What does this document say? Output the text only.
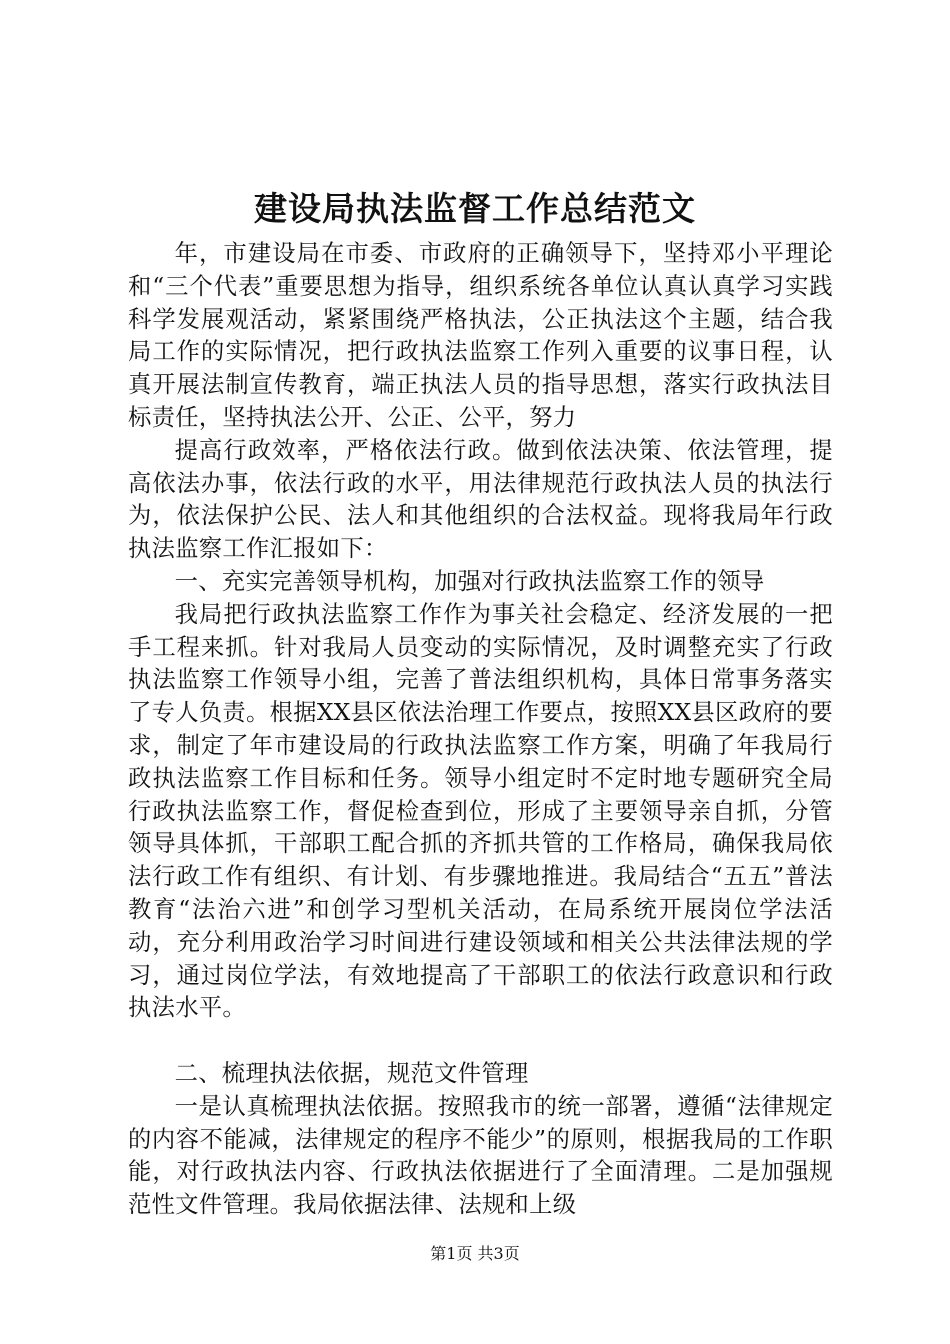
建设局执法监督工作总结范文

年，市建设局在市委、市政府的正确领导下，坚持邓小平理论和“三个代表”重要思想为指导，组织系统各单位认真认真学习实践科学发展观活动，紧紧围绕严格执法，公正执法这个主题，结合我局工作的实际情况，把行政执法监察工作列入重要的议事日程，认真开展法制宣传教育，端正执法人员的指导思想，落实行政执法目标责任，坚持执法公开、公正、公平，努力

提高行政效率，严格依法行政。做到依法决策、依法管理，提高依法办事，依法行政的水平，用法律规范行政执法人员的执法行为，依法保护公民、法人和其他组织的合法权益。现将我局年行政执法监察工作汇报如下：

一、充实完善领导机构，加强对行政执法监察工作的领导

我局把行政执法监察工作作为事关社会稳定、经济发展的一把手工程来抓。针对我局人员变动的实际情况，及时调整充实了行政执法监察工作领导小组，完善了普法组织机构，具体日常事务落实了专人负责。根据XX县区依法治理工作要点，按照XX县区政府的要求，制定了年市建设局的行政执法监察工作方案，明确了年我局行政执法监察工作目标和任务。领导小组定时不定时地专题研究全局行政执法监察工作，督促检查到位，形成了主要领导亲自抓，分管领导具体抓，干部职工配合抓的齐抓共管的工作格局，确保我局依法行政工作有组织、有计划、有步骤地推进。我局结合“五五”普法教育“法治六进”和创学习型机关活动，在局系统开展岗位学法活动，充分利用政治学习时间进行建设领域和相关公共法律法规的学习，通过岗位学法，有效地提高了干部职工的依法行政意识和行政执法水平。

二、梳理执法依据，规范文件管理

一是认真梳理执法依据。按照我市的统一部署，遵循“法律规定的内容不能减，法律规定的程序不能少”的原则，根据我局的工作职能，对行政执法内容、行政执法依据进行了全面清理。二是加强规范性文件管理。我局依据法律、法规和上级

第1页 共3页
